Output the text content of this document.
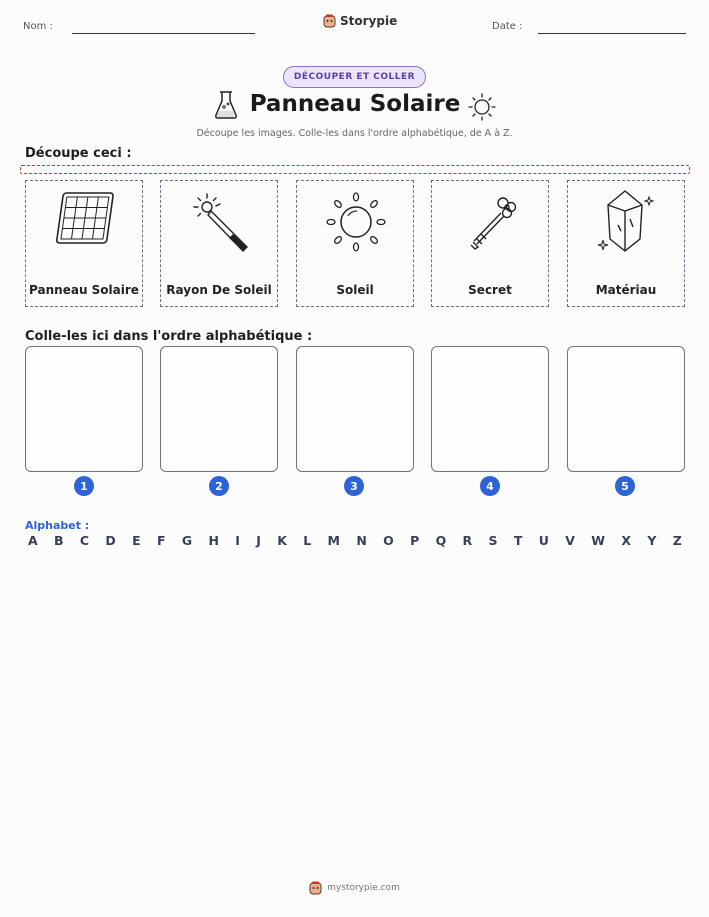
Nom :	Storypie	Date :
DÉCOUPER ET COLLER
Panneau Solaire
Découpe les images. Colle-les dans l'ordre alphabétique, de A à Z.
Découpe ceci :
Panneau Solaire	Rayon De Soleil	Soleil	Secret	Matériau
Colle-les ici dans l'ordre alphabétique :
1	2	3	4	5
Alphabet :
A B C D E F G H I J K L M N O P Q R S T U V W X Y Z
mystorypie.com
